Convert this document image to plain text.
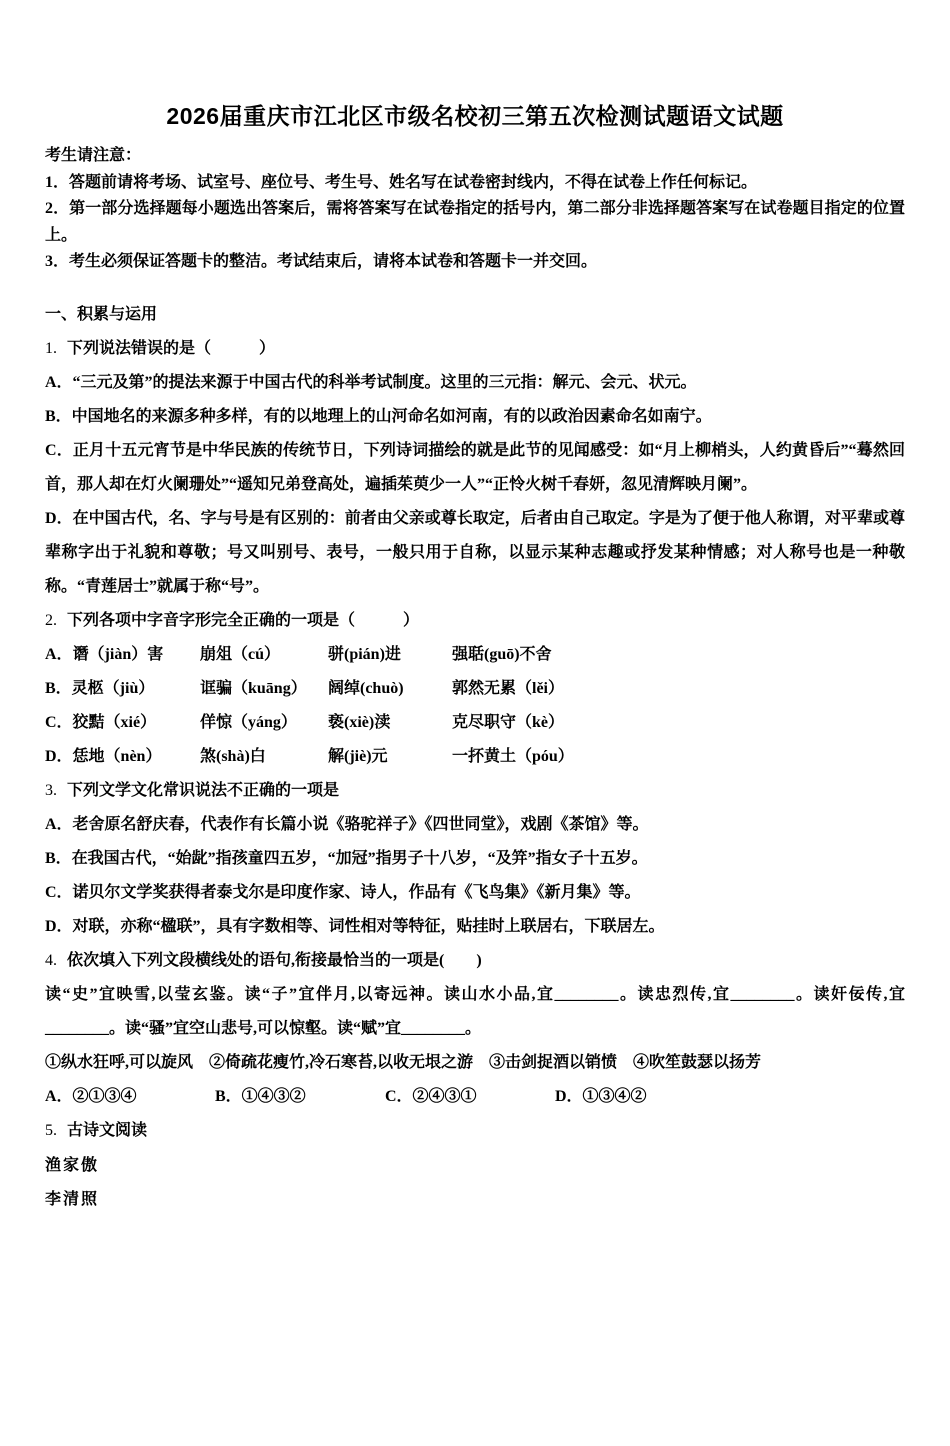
2026届重庆市江北区市级名校初三第五次检测试题语文试题

考生请注意：

1．答题前请将考场、试室号、座位号、考生号、姓名写在试卷密封线内，不得在试卷上作任何标记。

2．第一部分选择题每小题选出答案后，需将答案写在试卷指定的括号内，第二部分非选择题答案写在试卷题目指定的位置上。

3．考生必须保证答题卡的整洁。考试结束后，请将本试卷和答题卡一并交回。

一、积累与运用

1. 下列说法错误的是（　　　）

A．“三元及第”的提法来源于中国古代的科举考试制度。这里的三元指：解元、会元、状元。

B．中国地名的来源多种多样，有的以地理上的山河命名如河南，有的以政治因素命名如南宁。

C．正月十五元宵节是中华民族的传统节日，下列诗词描绘的就是此节的见闻感受：如“月上柳梢头，人约黄昏后”“蓦然回首，那人却在灯火阑珊处”“遥知兄弟登高处，遍插茱萸少一人”“正怜火树千春妍，忽见清辉映月阑”。

D．在中国古代，名、字与号是有区别的：前者由父亲或尊长取定，后者由自己取定。字是为了便于他人称谓，对平辈或尊辈称字出于礼貌和尊敬；号又叫别号、表号，一般只用于自称，以显示某种志趣或抒发某种情感；对人称号也是一种敬称。“青莲居士”就属于称“号”。

2. 下列各项中字音字形完全正确的一项是（　　　）

A．谮（jiàn）害	崩俎（cú）	骈(pián)进	强聒(guō)不舍
B．灵柩（jiù）	诓骗（kuāng）	阔绰(chuò)	郭然无累（lěi）
C．狡黠（xié）	佯惊（yáng）	亵(xiè)渎	克尽职守（kè）
D．恁地（nèn）	煞(shà)白	解(jiè)元	一抔黄土（póu）

3. 下列文学文化常识说法不正确的一项是

A．老舍原名舒庆春，代表作有长篇小说《骆驼祥子》《四世同堂》，戏剧《茶馆》等。

B．在我国古代，“始龀”指孩童四五岁，“加冠”指男子十八岁，“及笄”指女子十五岁。

C．诺贝尔文学奖获得者泰戈尔是印度作家、诗人，作品有《飞鸟集》《新月集》等。

D．对联，亦称“楹联”，具有字数相等、词性相对等特征，贴挂时上联居右，下联居左。

4. 依次填入下列文段横线处的语句,衔接最恰当的一项是(　　)

读“史”宜映雪,以莹玄鉴。读“子”宜伴月,以寄远神。读山水小品,宜________。读忠烈传,宜________。读奸佞传,宜________。读“骚”宜空山悲号,可以惊壑。读“赋”宜________。

①纵水狂呼,可以旋风　②倚疏花瘦竹,冷石寒苔,以收无垠之游　③击剑捉酒以销愤　④吹笙鼓瑟以扬芳

A．②①③④	B．①④③②	C．②④③①	D．①③④②

5. 古诗文阅读

渔家傲

李清照
